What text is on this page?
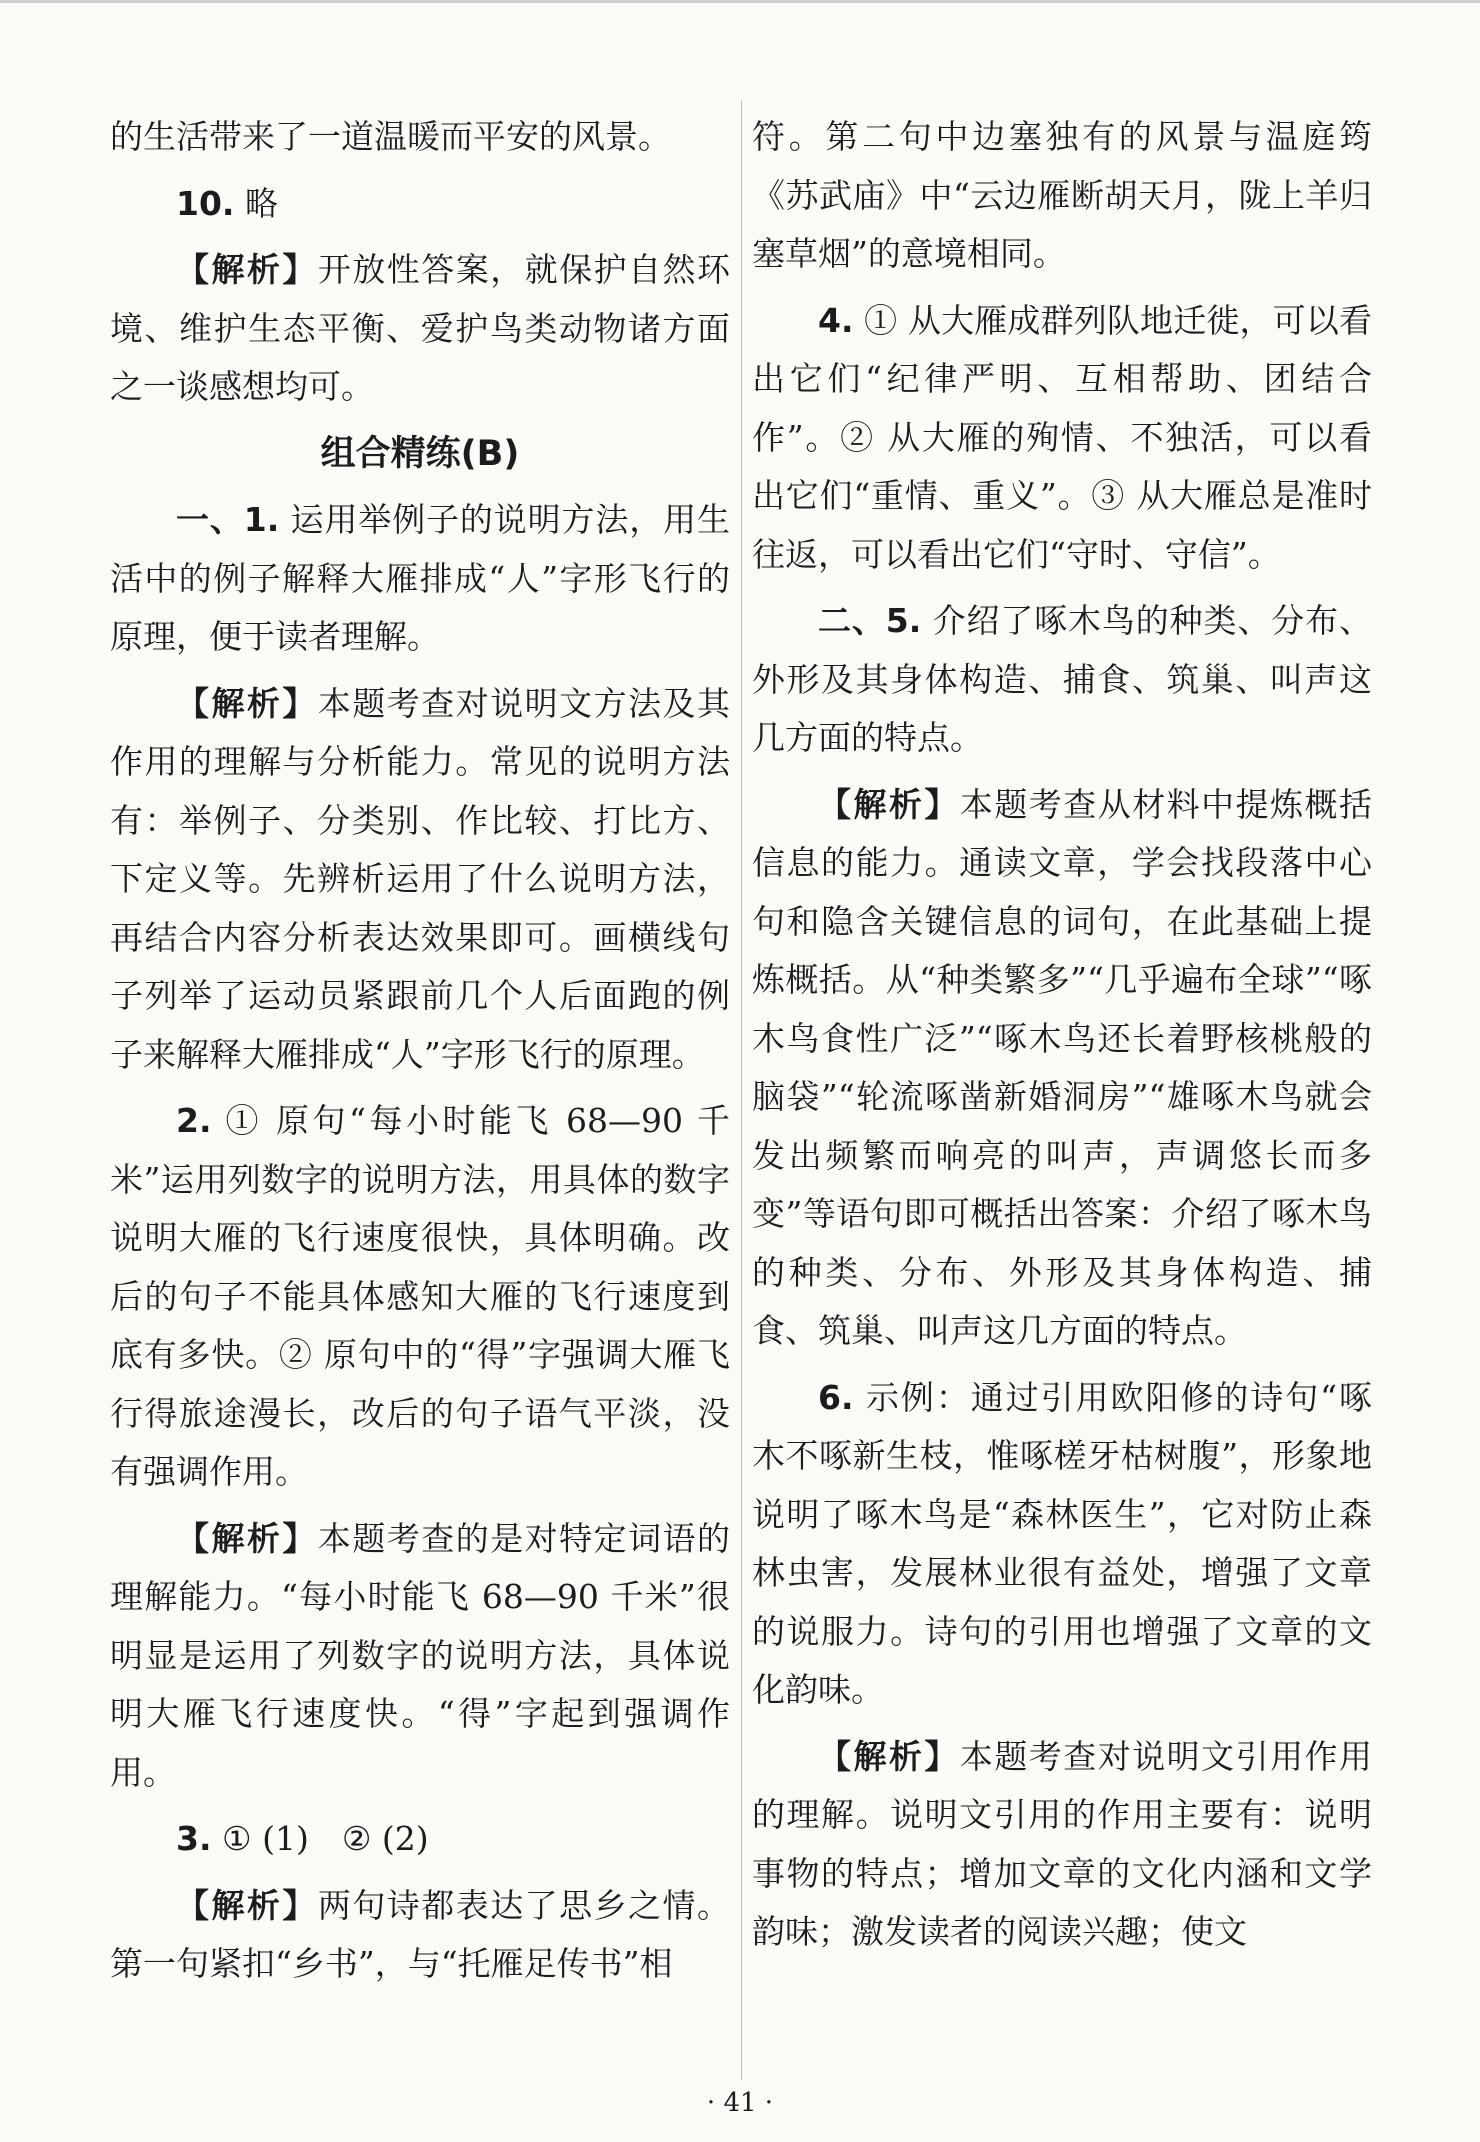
的生活带来了一道温暖而平安的风景。

10. 略

【解析】开放性答案，就保护自然环境、维护生态平衡、爱护鸟类动物诸方面之一谈感想均可。

组合精练(B)

一、1. 运用举例子的说明方法，用生活中的例子解释大雁排成“人”字形飞行的原理，便于读者理解。

【解析】本题考查对说明文方法及其作用的理解与分析能力。常见的说明方法有：举例子、分类别、作比较、打比方、下定义等。先辨析运用了什么说明方法，再结合内容分析表达效果即可。画横线句子列举了运动员紧跟前几个人后面跑的例子来解释大雁排成“人”字形飞行的原理。

2. ① 原句“每小时能飞 68—90 千米”运用列数字的说明方法，用具体的数字说明大雁的飞行速度很快，具体明确。改后的句子不能具体感知大雁的飞行速度到底有多快。② 原句中的“得”字强调大雁飞行得旅途漫长，改后的句子语气平淡，没有强调作用。

【解析】本题考查的是对特定词语的理解能力。“每小时能飞 68—90 千米”很明显是运用了列数字的说明方法，具体说明大雁飞行速度快。“得”字起到强调作用。

3. ① (1)　② (2)

【解析】两句诗都表达了思乡之情。第一句紧扣“乡书”，与“托雁足传书”相

符。第二句中边塞独有的风景与温庭筠《苏武庙》中“云边雁断胡天月，陇上羊归塞草烟”的意境相同。

4. ① 从大雁成群列队地迁徙，可以看出它们“纪律严明、互相帮助、团结合作”。② 从大雁的殉情、不独活，可以看出它们“重情、重义”。③ 从大雁总是准时往返，可以看出它们“守时、守信”。

二、5. 介绍了啄木鸟的种类、分布、外形及其身体构造、捕食、筑巢、叫声这几方面的特点。

【解析】本题考查从材料中提炼概括信息的能力。通读文章，学会找段落中心句和隐含关键信息的词句，在此基础上提炼概括。从“种类繁多”“几乎遍布全球”“啄木鸟食性广泛”“啄木鸟还长着野核桃般的脑袋”“轮流啄凿新婚洞房”“雄啄木鸟就会发出频繁而响亮的叫声，声调悠长而多变”等语句即可概括出答案：介绍了啄木鸟的种类、分布、外形及其身体构造、捕食、筑巢、叫声这几方面的特点。

6. 示例：通过引用欧阳修的诗句“啄木不啄新生枝，惟啄槎牙枯树腹”，形象地说明了啄木鸟是“森林医生”，它对防止森林虫害，发展林业很有益处，增强了文章的说服力。诗句的引用也增强了文章的文化韵味。

【解析】本题考查对说明文引用作用的理解。说明文引用的作用主要有：说明事物的特点；增加文章的文化内涵和文学韵味；激发读者的阅读兴趣；使文

· 41 ·
